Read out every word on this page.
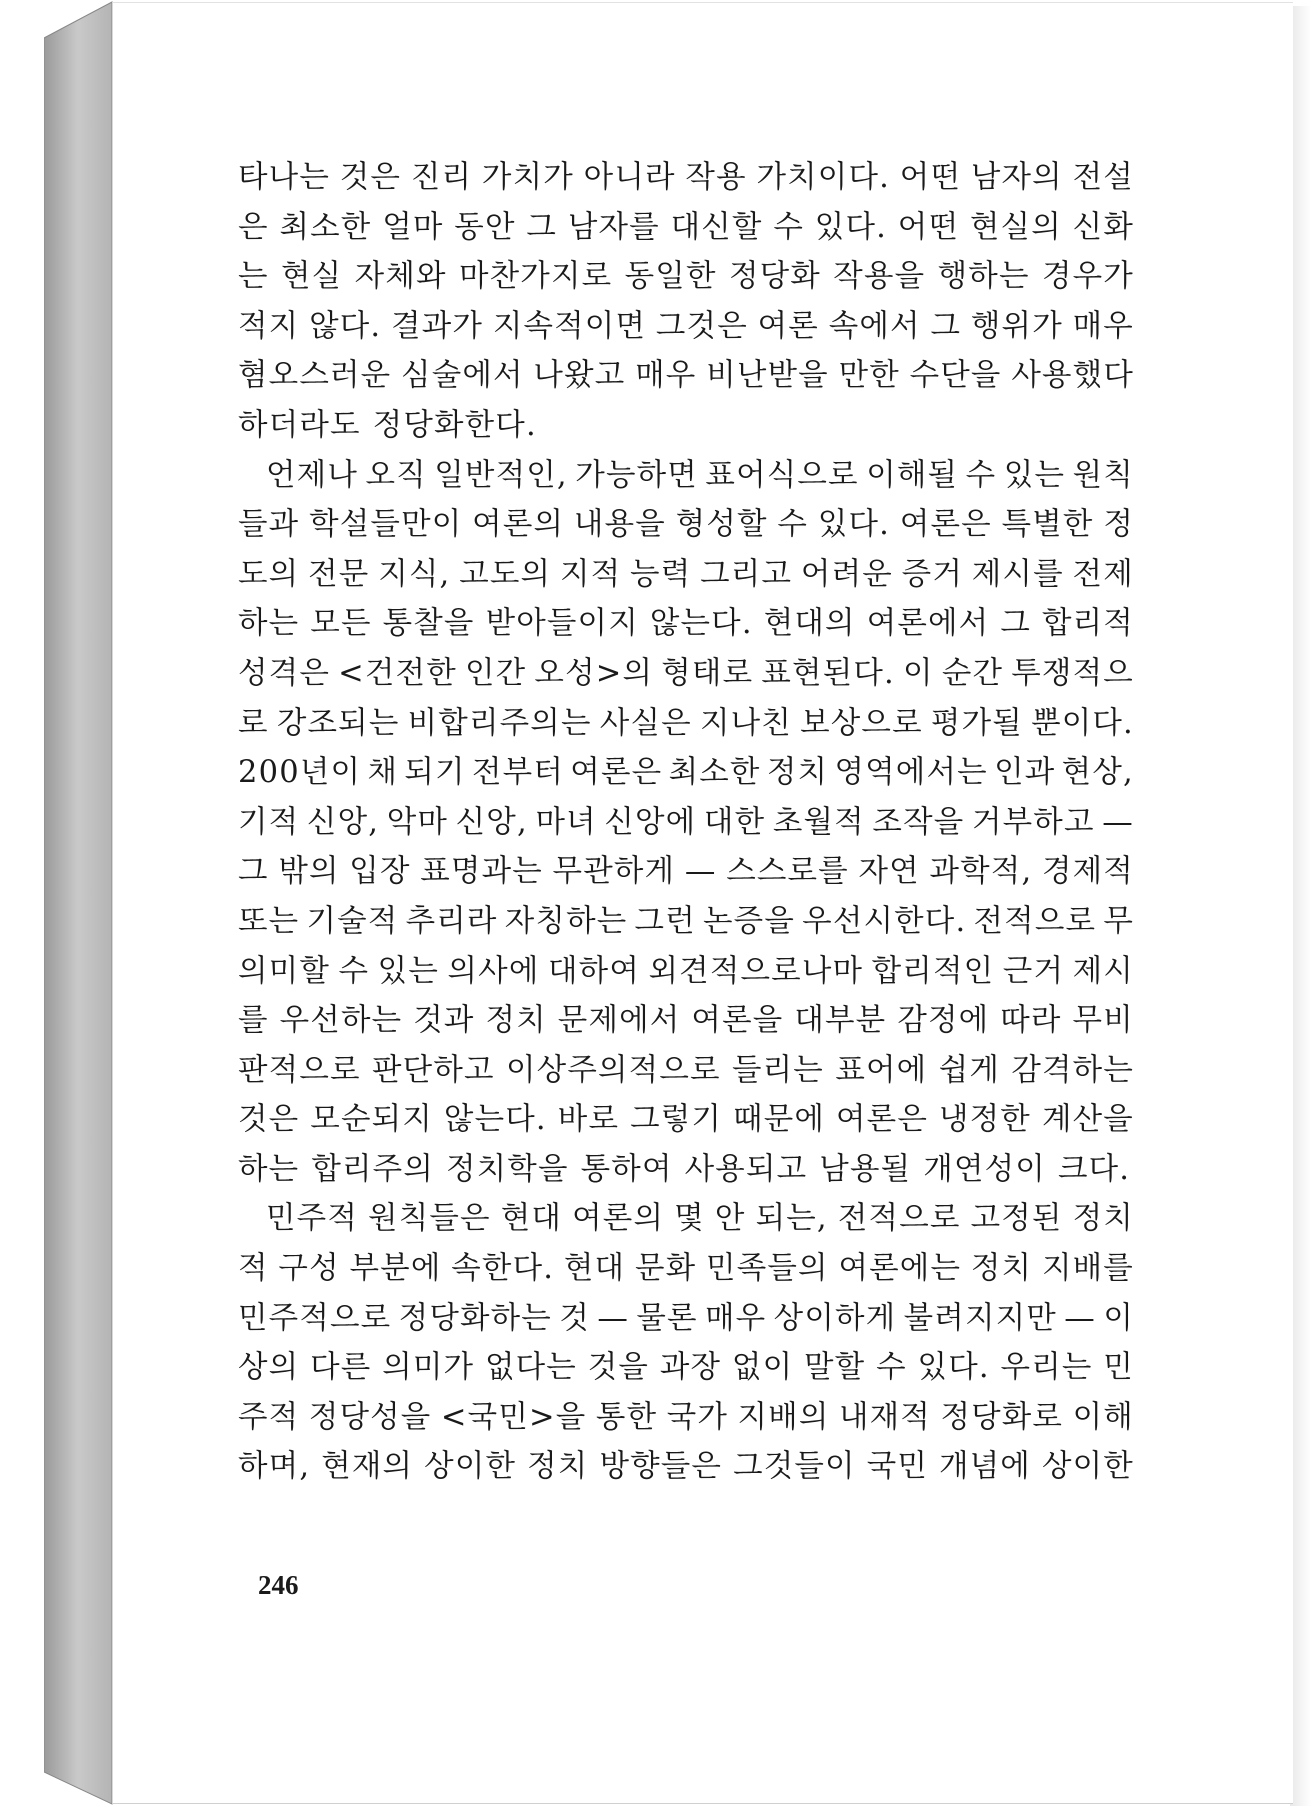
타나는 것은 진리 가치가 아니라 작용 가치이다. 어떤 남자의 전설
은 최소한 얼마 동안 그 남자를 대신할 수 있다. 어떤 현실의 신화
는 현실 자체와 마찬가지로 동일한 정당화 작용을 행하는 경우가
적지 않다. 결과가 지속적이면 그것은 여론 속에서 그 행위가 매우
혐오스러운 심술에서 나왔고 매우 비난받을 만한 수단을 사용했다
하더라도 정당화한다.
언제나 오직 일반적인, 가능하면 표어식으로 이해될 수 있는 원칙
들과 학설들만이 여론의 내용을 형성할 수 있다. 여론은 특별한 정
도의 전문 지식, 고도의 지적 능력 그리고 어려운 증거 제시를 전제
하는 모든 통찰을 받아들이지 않는다. 현대의 여론에서 그 합리적
성격은 <건전한 인간 오성>의 형태로 표현된다. 이 순간 투쟁적으
로 강조되는 비합리주의는 사실은 지나친 보상으로 평가될 뿐이다.
200년이 채 되기 전부터 여론은 최소한 정치 영역에서는 인과 현상,
기적 신앙, 악마 신앙, 마녀 신앙에 대한 초월적 조작을 거부하고 —
그 밖의 입장 표명과는 무관하게 — 스스로를 자연 과학적, 경제적
또는 기술적 추리라 자칭하는 그런 논증을 우선시한다. 전적으로 무
의미할 수 있는 의사에 대하여 외견적으로나마 합리적인 근거 제시
를 우선하는 것과 정치 문제에서 여론을 대부분 감정에 따라 무비
판적으로 판단하고 이상주의적으로 들리는 표어에 쉽게 감격하는
것은 모순되지 않는다. 바로 그렇기 때문에 여론은 냉정한 계산을
하는 합리주의 정치학을 통하여 사용되고 남용될 개연성이 크다.
민주적 원칙들은 현대 여론의 몇 안 되는, 전적으로 고정된 정치
적 구성 부분에 속한다. 현대 문화 민족들의 여론에는 정치 지배를
민주적으로 정당화하는 것 — 물론 매우 상이하게 불려지지만 — 이
상의 다른 의미가 없다는 것을 과장 없이 말할 수 있다. 우리는 민
주적 정당성을 <국민>을 통한 국가 지배의 내재적 정당화로 이해
하며, 현재의 상이한 정치 방향들은 그것들이 국민 개념에 상이한
246
